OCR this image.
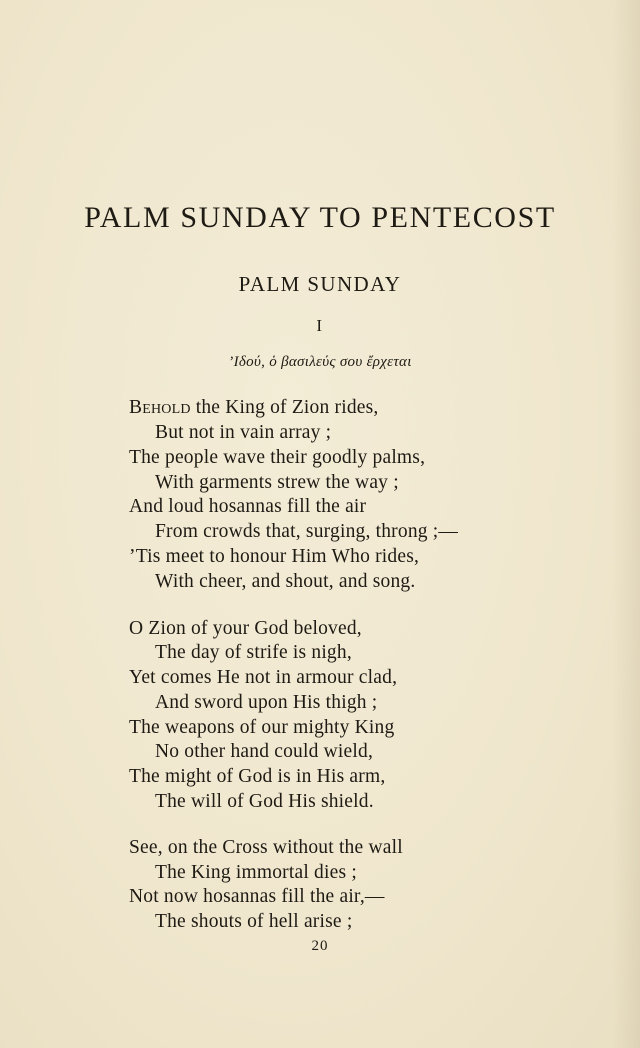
PALM SUNDAY TO PENTECOST
PALM SUNDAY
I
’Ιδού, ὁ βασιλεύς σου ἔρχεται
Behold the King of Zion rides,
But not in vain array ;
The people wave their goodly palms,
With garments strew the way ;
And loud hosannas fill the air
From crowds that, surging, throng ;—
’Tis meet to honour Him Who rides,
With cheer, and shout, and song.
O Zion of your God beloved,
The day of strife is nigh,
Yet comes He not in armour clad,
And sword upon His thigh ;
The weapons of our mighty King
No other hand could wield,
The might of God is in His arm,
The will of God His shield.
See, on the Cross without the wall
The King immortal dies ;
Not now hosannas fill the air,—
The shouts of hell arise ;
20
